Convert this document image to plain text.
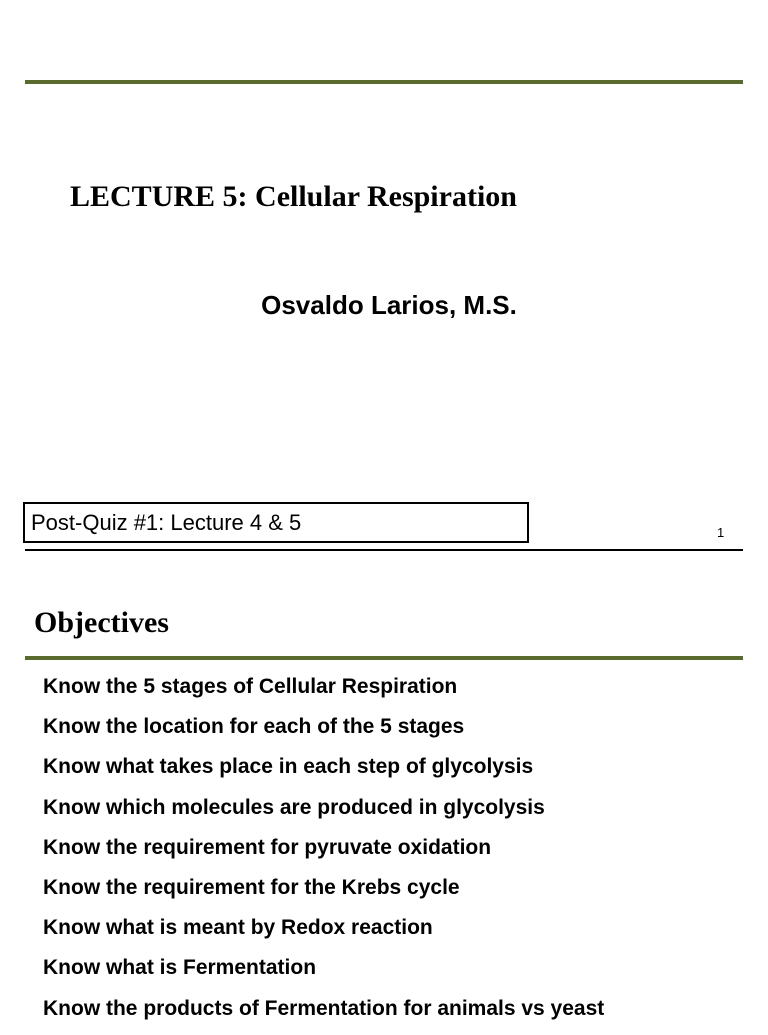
LECTURE 5: Cellular Respiration
Osvaldo Larios, M.S.
Post-Quiz #1: Lecture 4 & 5	1
Objectives
Know the 5 stages of Cellular Respiration
Know the location for each of the 5 stages
Know what takes place in each step of glycolysis
Know which molecules are produced in glycolysis
Know the requirement for pyruvate oxidation
Know the requirement for the Krebs cycle
Know what is meant by Redox reaction
Know what is Fermentation
Know the products of Fermentation for animals vs yeast
